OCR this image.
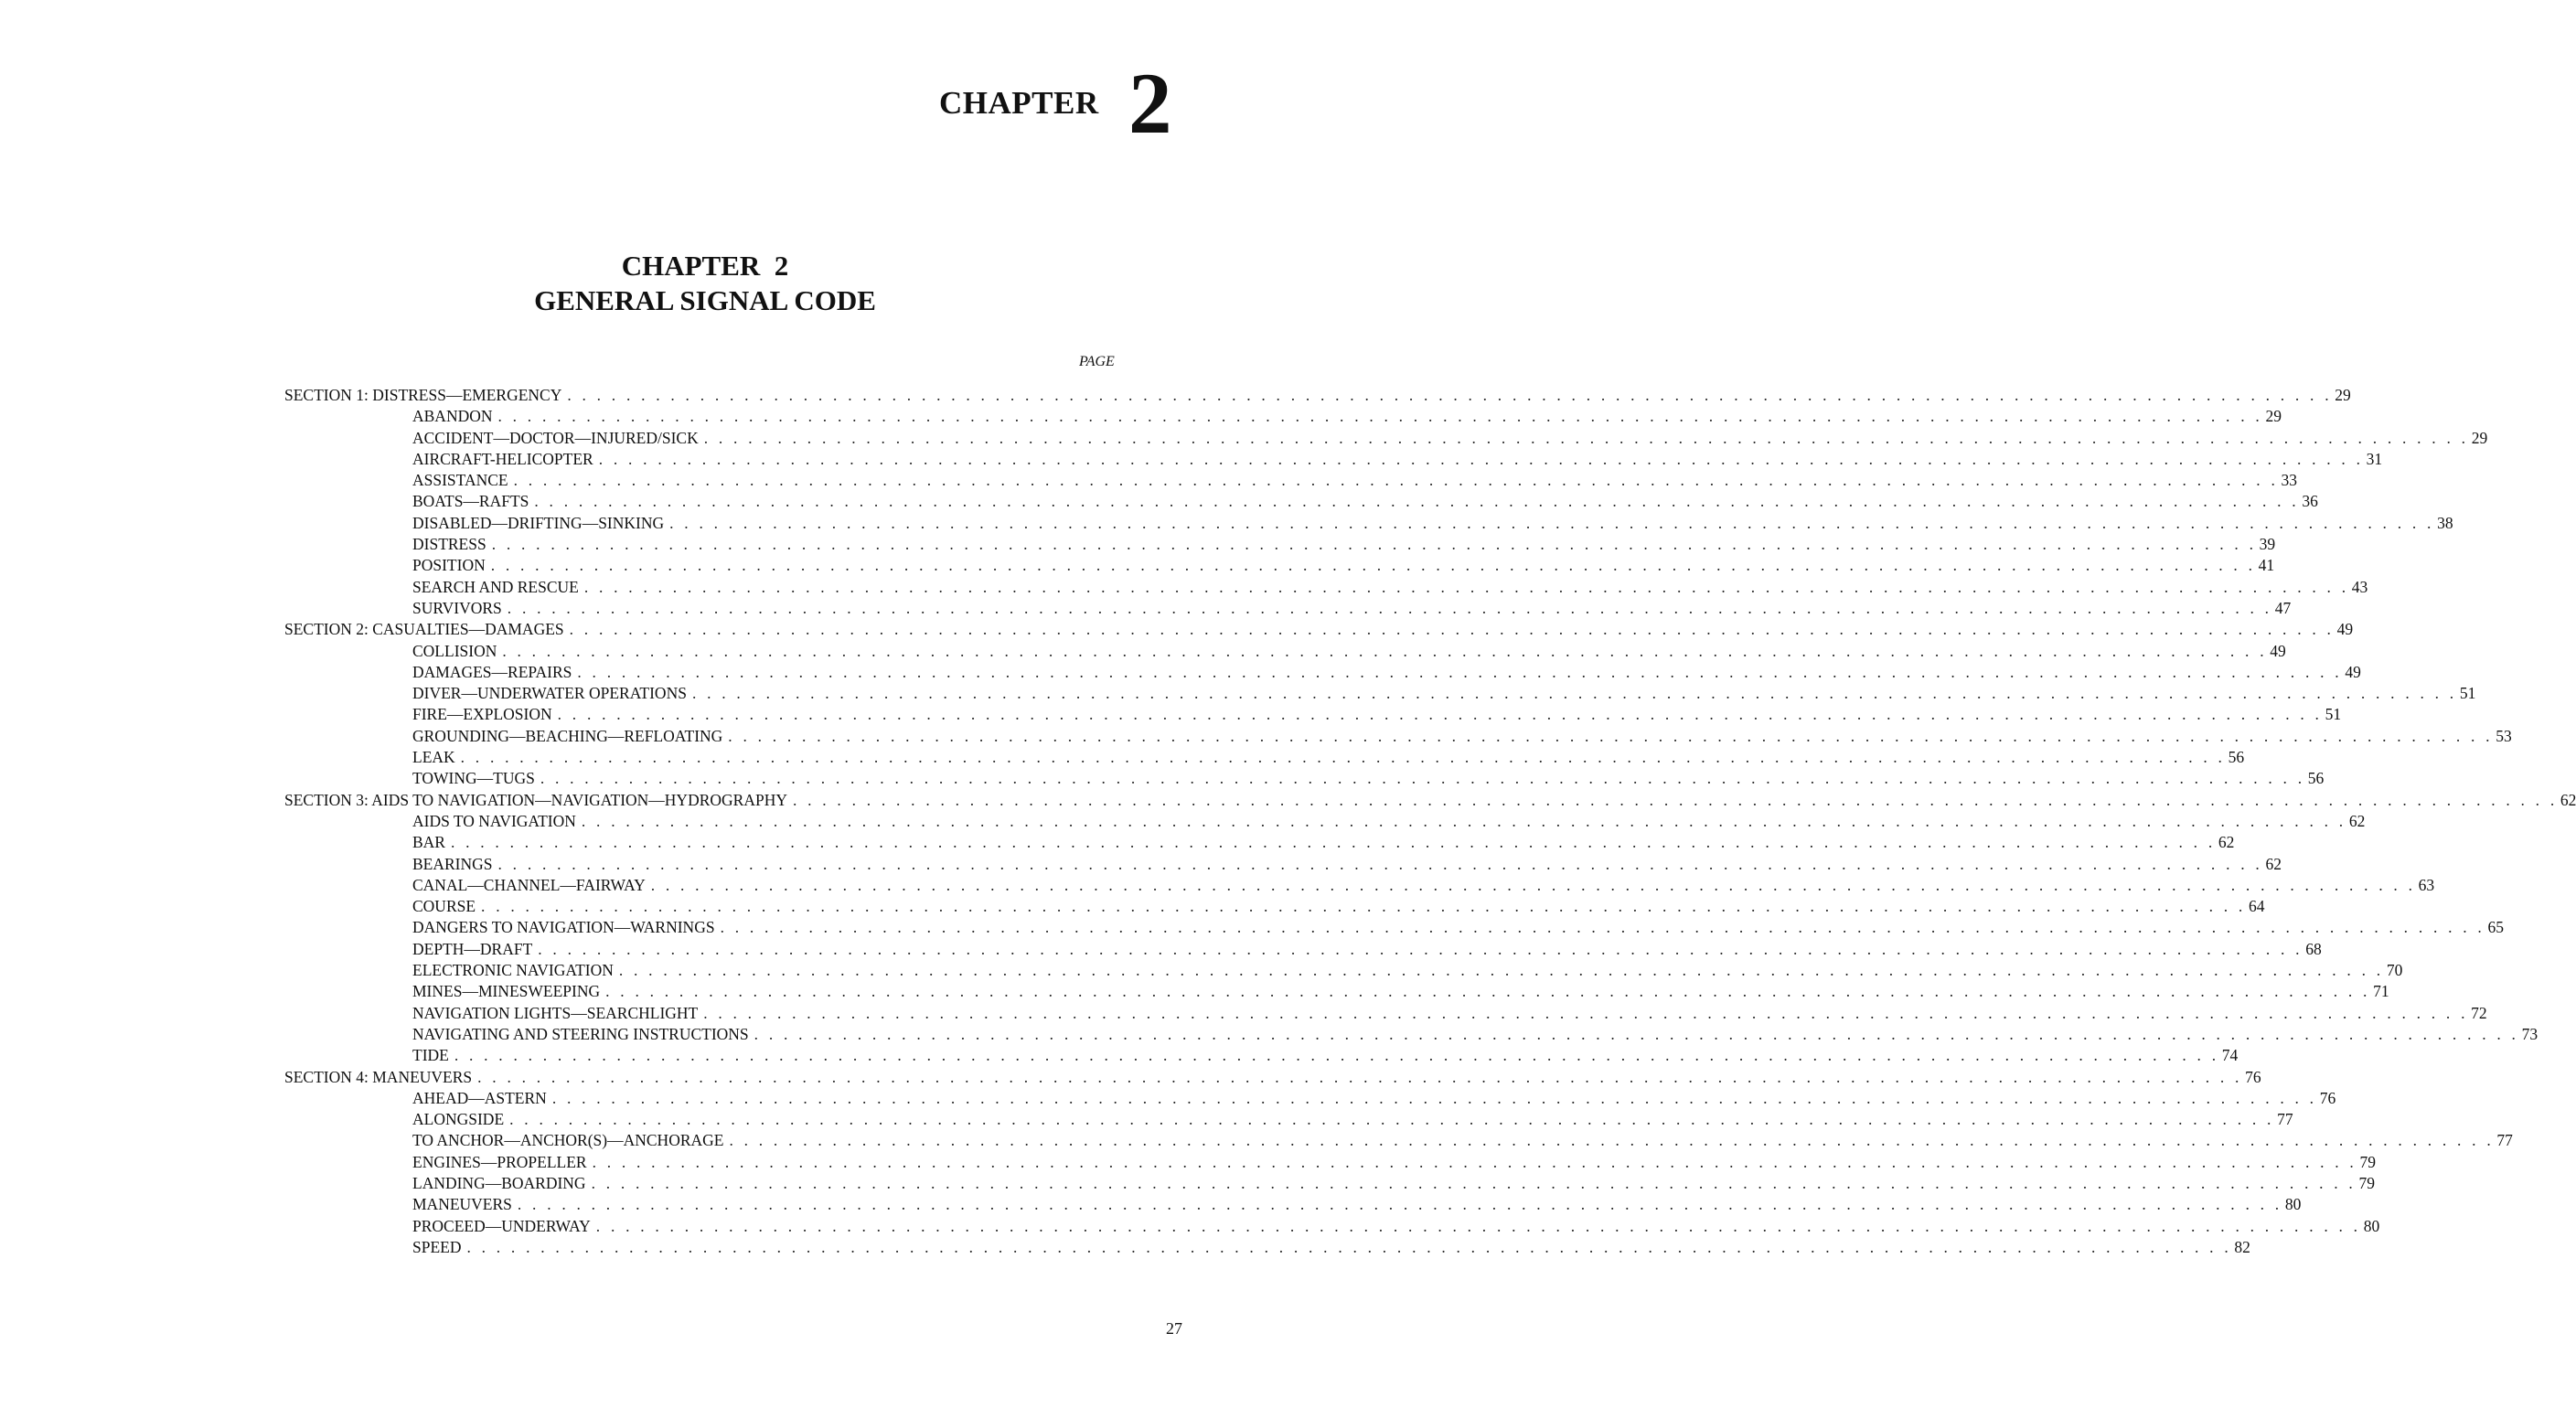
CHAPTER 2
CHAPTER  2
GENERAL SIGNAL CODE
PAGE
SECTION 1: DISTRESS—EMERGENCY . . . . . . . . . . . . . . . . . . . . . . . . . . . . . . . . . . . . . . . . . . . . . . . . . . . . . . . . . . . . . . . . . . . . . . . . . . . . . . . . . . . . . . . . . . . . . . . . . . . . . . . . . . . . . . . . . . . . . . . . 29
ABANDON . . . . . . . . . . . . . . . . . . . . . . . . . . . . . . . . . . . . . . . . . . . . . . . . . . . . . . . . . . . . . . . . . . . . . . . . . . . . . . . . . . . . . . . . . . . . . . . . . . . . . . . . . . . . . . . . . . . . . . . . 29
ACCIDENT—DOCTOR—INJURED/SICK . . . . . . . . . . . . . . . . . . . . . . . . . . . . . . . . . . . . . . . . . . . . . . . . . . . . . . . . . . . . . . . . . . . . . . . . . . . . . . . . . . . . . . . . . . . . . . . . . . . . . . . . . . . . . . . . . . . . . . . . 29
AIRCRAFT-HELICOPTER . . . . . . . . . . . . . . . . . . . . . . . . . . . . . . . . . . . . . . . . . . . . . . . . . . . . . . . . . . . . . . . . . . . . . . . . . . . . . . . . . . . . . . . . . . . . . . . . . . . . . . . . . . . . . . . . . . . . . . . . 31
ASSISTANCE . . . . . . . . . . . . . . . . . . . . . . . . . . . . . . . . . . . . . . . . . . . . . . . . . . . . . . . . . . . . . . . . . . . . . . . . . . . . . . . . . . . . . . . . . . . . . . . . . . . . . . . . . . . . . . . . . . . . . . . . 33
BOATS—RAFTS . . . . . . . . . . . . . . . . . . . . . . . . . . . . . . . . . . . . . . . . . . . . . . . . . . . . . . . . . . . . . . . . . . . . . . . . . . . . . . . . . . . . . . . . . . . . . . . . . . . . . . . . . . . . . . . . . . . . . . . . 36
DISABLED—DRIFTING—SINKING . . . . . . . . . . . . . . . . . . . . . . . . . . . . . . . . . . . . . . . . . . . . . . . . . . . . . . . . . . . . . . . . . . . . . . . . . . . . . . . . . . . . . . . . . . . . . . . . . . . . . . . . . . . . . . . . . . . . . . . . 38
DISTRESS . . . . . . . . . . . . . . . . . . . . . . . . . . . . . . . . . . . . . . . . . . . . . . . . . . . . . . . . . . . . . . . . . . . . . . . . . . . . . . . . . . . . . . . . . . . . . . . . . . . . . . . . . . . . . . . . . . . . . . . . 39
POSITION . . . . . . . . . . . . . . . . . . . . . . . . . . . . . . . . . . . . . . . . . . . . . . . . . . . . . . . . . . . . . . . . . . . . . . . . . . . . . . . . . . . . . . . . . . . . . . . . . . . . . . . . . . . . . . . . . . . . . . . . 41
SEARCH AND RESCUE . . . . . . . . . . . . . . . . . . . . . . . . . . . . . . . . . . . . . . . . . . . . . . . . . . . . . . . . . . . . . . . . . . . . . . . . . . . . . . . . . . . . . . . . . . . . . . . . . . . . . . . . . . . . . . . . . . . . . . . . 43
SURVIVORS . . . . . . . . . . . . . . . . . . . . . . . . . . . . . . . . . . . . . . . . . . . . . . . . . . . . . . . . . . . . . . . . . . . . . . . . . . . . . . . . . . . . . . . . . . . . . . . . . . . . . . . . . . . . . . . . . . . . . . . . 47
SECTION 2: CASUALTIES—DAMAGES . . . . . . . . . . . . . . . . . . . . . . . . . . . . . . . . . . . . . . . . . . . . . . . . . . . . . . . . . . . . . . . . . . . . . . . . . . . . . . . . . . . . . . . . . . . . . . . . . . . . . . . . . . . . . . . . . . . . . . . . 49
COLLISION . . . . . . . . . . . . . . . . . . . . . . . . . . . . . . . . . . . . . . . . . . . . . . . . . . . . . . . . . . . . . . . . . . . . . . . . . . . . . . . . . . . . . . . . . . . . . . . . . . . . . . . . . . . . . . . . . . . . . . . . 49
DAMAGES—REPAIRS . . . . . . . . . . . . . . . . . . . . . . . . . . . . . . . . . . . . . . . . . . . . . . . . . . . . . . . . . . . . . . . . . . . . . . . . . . . . . . . . . . . . . . . . . . . . . . . . . . . . . . . . . . . . . . . . . . . . . . . . 49
DIVER—UNDERWATER OPERATIONS . . . . . . . . . . . . . . . . . . . . . . . . . . . . . . . . . . . . . . . . . . . . . . . . . . . . . . . . . . . . . . . . . . . . . . . . . . . . . . . . . . . . . . . . . . . . . . . . . . . . . . . . . . . . . . . . . . . . . . . . 51
FIRE—EXPLOSION . . . . . . . . . . . . . . . . . . . . . . . . . . . . . . . . . . . . . . . . . . . . . . . . . . . . . . . . . . . . . . . . . . . . . . . . . . . . . . . . . . . . . . . . . . . . . . . . . . . . . . . . . . . . . . . . . . . . . . . . 51
GROUNDING—BEACHING—REFLOATING . . . . . . . . . . . . . . . . . . . . . . . . . . . . . . . . . . . . . . . . . . . . . . . . . . . . . . . . . . . . . . . . . . . . . . . . . . . . . . . . . . . . . . . . . . . . . . . . . . . . . . . . . . . . . . . . . . . . . . . . 53
LEAK . . . . . . . . . . . . . . . . . . . . . . . . . . . . . . . . . . . . . . . . . . . . . . . . . . . . . . . . . . . . . . . . . . . . . . . . . . . . . . . . . . . . . . . . . . . . . . . . . . . . . . . . . . . . . . . . . . . . . . . . 56
TOWING—TUGS . . . . . . . . . . . . . . . . . . . . . . . . . . . . . . . . . . . . . . . . . . . . . . . . . . . . . . . . . . . . . . . . . . . . . . . . . . . . . . . . . . . . . . . . . . . . . . . . . . . . . . . . . . . . . . . . . . . . . . . . 56
SECTION 3: AIDS TO NAVIGATION—NAVIGATION—HYDROGRAPHY . . . . . . . . . . . . . . . . . . . . . . . . . . . . . . . . . . . . . . . . . . . . . . . . . . . . . . . . . . . . . . . . . . . . . . . . . . . . . . . . . . . . . . . . . . . . . . . . . . . . . . . . . . . . . . . . . . . . . . . . 62
AIDS TO NAVIGATION . . . . . . . . . . . . . . . . . . . . . . . . . . . . . . . . . . . . . . . . . . . . . . . . . . . . . . . . . . . . . . . . . . . . . . . . . . . . . . . . . . . . . . . . . . . . . . . . . . . . . . . . . . . . . . . . . . . . . . . . 62
BAR . . . . . . . . . . . . . . . . . . . . . . . . . . . . . . . . . . . . . . . . . . . . . . . . . . . . . . . . . . . . . . . . . . . . . . . . . . . . . . . . . . . . . . . . . . . . . . . . . . . . . . . . . . . . . . . . . . . . . . . . 62
BEARINGS . . . . . . . . . . . . . . . . . . . . . . . . . . . . . . . . . . . . . . . . . . . . . . . . . . . . . . . . . . . . . . . . . . . . . . . . . . . . . . . . . . . . . . . . . . . . . . . . . . . . . . . . . . . . . . . . . . . . . . . . 62
CANAL—CHANNEL—FAIRWAY . . . . . . . . . . . . . . . . . . . . . . . . . . . . . . . . . . . . . . . . . . . . . . . . . . . . . . . . . . . . . . . . . . . . . . . . . . . . . . . . . . . . . . . . . . . . . . . . . . . . . . . . . . . . . . . . . . . . . . . . 63
COURSE . . . . . . . . . . . . . . . . . . . . . . . . . . . . . . . . . . . . . . . . . . . . . . . . . . . . . . . . . . . . . . . . . . . . . . . . . . . . . . . . . . . . . . . . . . . . . . . . . . . . . . . . . . . . . . . . . . . . . . . . 64
DANGERS TO NAVIGATION—WARNINGS . . . . . . . . . . . . . . . . . . . . . . . . . . . . . . . . . . . . . . . . . . . . . . . . . . . . . . . . . . . . . . . . . . . . . . . . . . . . . . . . . . . . . . . . . . . . . . . . . . . . . . . . . . . . . . . . . . . . . . . . 65
DEPTH—DRAFT . . . . . . . . . . . . . . . . . . . . . . . . . . . . . . . . . . . . . . . . . . . . . . . . . . . . . . . . . . . . . . . . . . . . . . . . . . . . . . . . . . . . . . . . . . . . . . . . . . . . . . . . . . . . . . . . . . . . . . . . 68
ELECTRONIC NAVIGATION . . . . . . . . . . . . . . . . . . . . . . . . . . . . . . . . . . . . . . . . . . . . . . . . . . . . . . . . . . . . . . . . . . . . . . . . . . . . . . . . . . . . . . . . . . . . . . . . . . . . . . . . . . . . . . . . . . . . . . . . 70
MINES—MINESWEEPING . . . . . . . . . . . . . . . . . . . . . . . . . . . . . . . . . . . . . . . . . . . . . . . . . . . . . . . . . . . . . . . . . . . . . . . . . . . . . . . . . . . . . . . . . . . . . . . . . . . . . . . . . . . . . . . . . . . . . . . . 71
NAVIGATION LIGHTS—SEARCHLIGHT . . . . . . . . . . . . . . . . . . . . . . . . . . . . . . . . . . . . . . . . . . . . . . . . . . . . . . . . . . . . . . . . . . . . . . . . . . . . . . . . . . . . . . . . . . . . . . . . . . . . . . . . . . . . . . . . . . . . . . . . 72
NAVIGATING AND STEERING INSTRUCTIONS . . . . . . . . . . . . . . . . . . . . . . . . . . . . . . . . . . . . . . . . . . . . . . . . . . . . . . . . . . . . . . . . . . . . . . . . . . . . . . . . . . . . . . . . . . . . . . . . . . . . . . . . . . . . . . . . . . . . . . . . 73
TIDE . . . . . . . . . . . . . . . . . . . . . . . . . . . . . . . . . . . . . . . . . . . . . . . . . . . . . . . . . . . . . . . . . . . . . . . . . . . . . . . . . . . . . . . . . . . . . . . . . . . . . . . . . . . . . . . . . . . . . . . . 74
SECTION 4: MANEUVERS . . . . . . . . . . . . . . . . . . . . . . . . . . . . . . . . . . . . . . . . . . . . . . . . . . . . . . . . . . . . . . . . . . . . . . . . . . . . . . . . . . . . . . . . . . . . . . . . . . . . . . . . . . . . . . . . . . . . . . . . 76
AHEAD—ASTERN . . . . . . . . . . . . . . . . . . . . . . . . . . . . . . . . . . . . . . . . . . . . . . . . . . . . . . . . . . . . . . . . . . . . . . . . . . . . . . . . . . . . . . . . . . . . . . . . . . . . . . . . . . . . . . . . . . . . . . . . 76
ALONGSIDE . . . . . . . . . . . . . . . . . . . . . . . . . . . . . . . . . . . . . . . . . . . . . . . . . . . . . . . . . . . . . . . . . . . . . . . . . . . . . . . . . . . . . . . . . . . . . . . . . . . . . . . . . . . . . . . . . . . . . . . . 77
TO ANCHOR—ANCHOR(S)—ANCHORAGE . . . . . . . . . . . . . . . . . . . . . . . . . . . . . . . . . . . . . . . . . . . . . . . . . . . . . . . . . . . . . . . . . . . . . . . . . . . . . . . . . . . . . . . . . . . . . . . . . . . . . . . . . . . . . . . . . . . . . . . . 77
ENGINES—PROPELLER . . . . . . . . . . . . . . . . . . . . . . . . . . . . . . . . . . . . . . . . . . . . . . . . . . . . . . . . . . . . . . . . . . . . . . . . . . . . . . . . . . . . . . . . . . . . . . . . . . . . . . . . . . . . . . . . . . . . . . . . 79
LANDING—BOARDING . . . . . . . . . . . . . . . . . . . . . . . . . . . . . . . . . . . . . . . . . . . . . . . . . . . . . . . . . . . . . . . . . . . . . . . . . . . . . . . . . . . . . . . . . . . . . . . . . . . . . . . . . . . . . . . . . . . . . . . . 79
MANEUVERS . . . . . . . . . . . . . . . . . . . . . . . . . . . . . . . . . . . . . . . . . . . . . . . . . . . . . . . . . . . . . . . . . . . . . . . . . . . . . . . . . . . . . . . . . . . . . . . . . . . . . . . . . . . . . . . . . . . . . . . . 80
PROCEED—UNDERWAY . . . . . . . . . . . . . . . . . . . . . . . . . . . . . . . . . . . . . . . . . . . . . . . . . . . . . . . . . . . . . . . . . . . . . . . . . . . . . . . . . . . . . . . . . . . . . . . . . . . . . . . . . . . . . . . . . . . . . . . . 80
SPEED . . . . . . . . . . . . . . . . . . . . . . . . . . . . . . . . . . . . . . . . . . . . . . . . . . . . . . . . . . . . . . . . . . . . . . . . . . . . . . . . . . . . . . . . . . . . . . . . . . . . . . . . . . . . . . . . . . . . . . . . 82
27
